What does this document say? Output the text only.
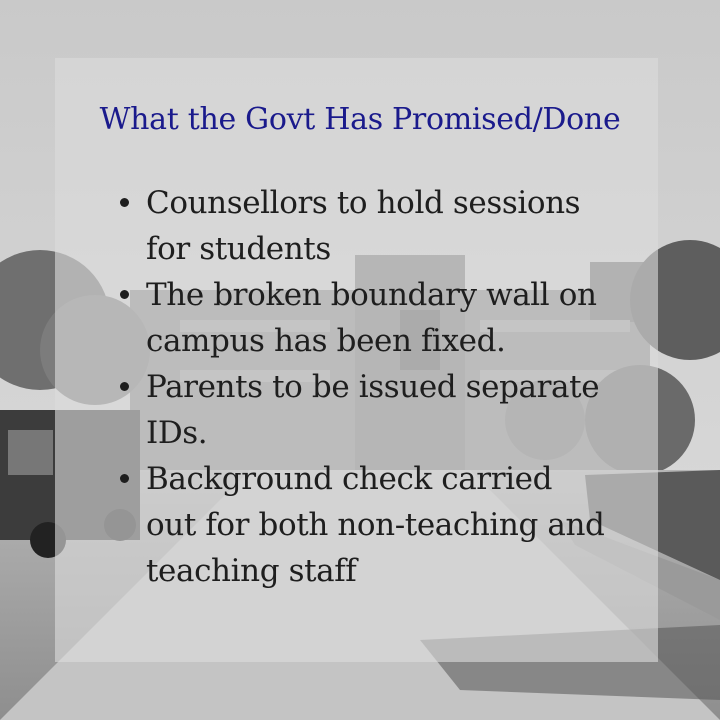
What the Govt Has Promised/Done
Counsellors to hold sessions for students
The broken boundary wall on campus has been fixed.
Parents to be issued separate IDs.
Background check carried out for both non-teaching and teaching staff
